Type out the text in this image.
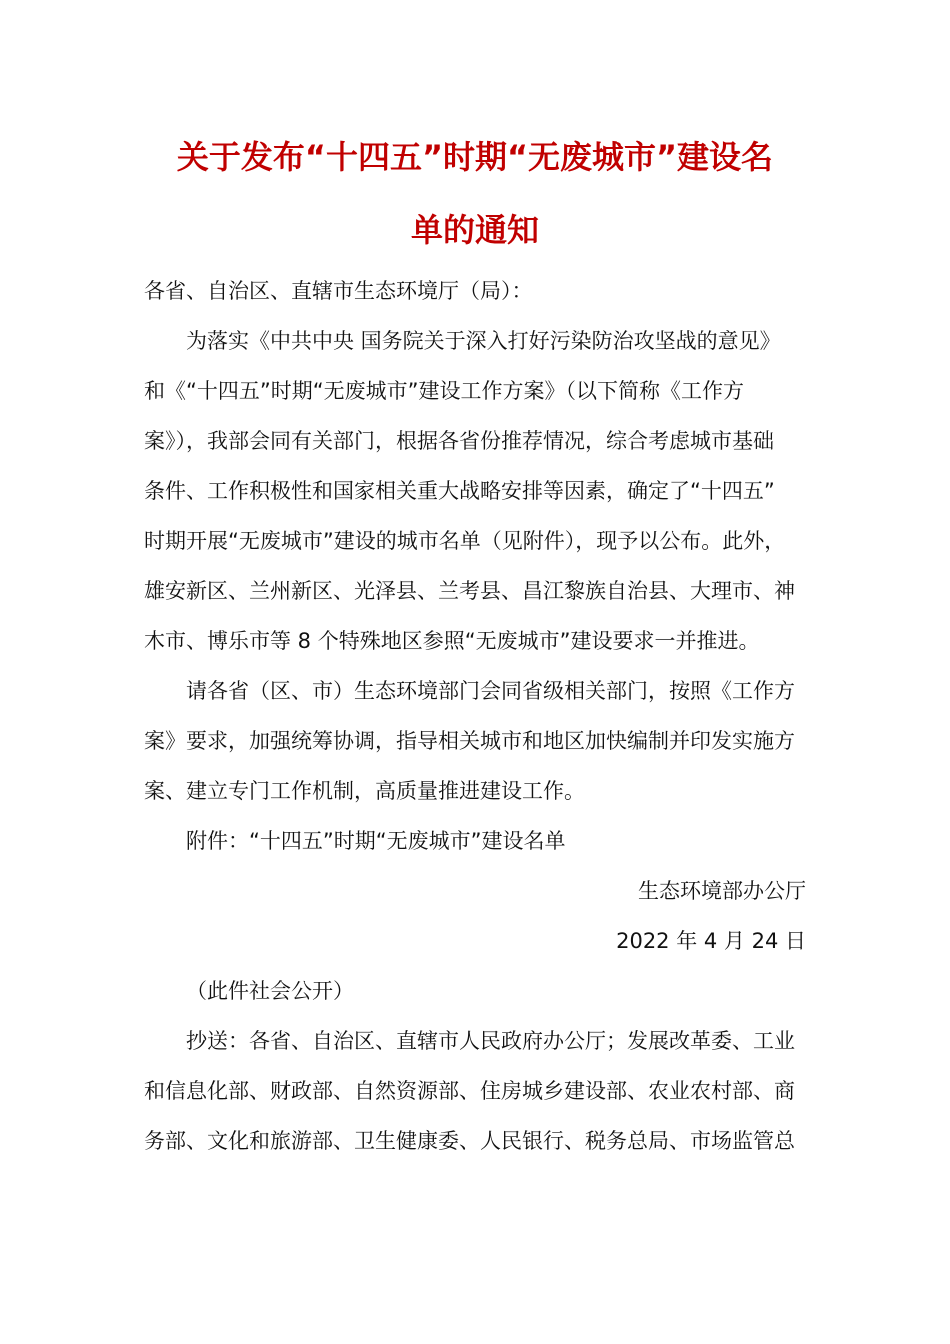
关于发布“十四五”时期“无废城市”建设名
单的通知
各省、自治区、直辖市生态环境厅（局）：
为落实《中共中央 国务院关于深入打好污染防治攻坚战的意见》
和《“十四五”时期“无废城市”建设工作方案》（以下简称《工作方
案》），我部会同有关部门，根据各省份推荐情况，综合考虑城市基础
条件、工作积极性和国家相关重大战略安排等因素，确定了“十四五”
时期开展“无废城市”建设的城市名单（见附件），现予以公布。此外，
雄安新区、兰州新区、光泽县、兰考县、昌江黎族自治县、大理市、神
木市、博乐市等 8 个特殊地区参照“无废城市”建设要求一并推进。
请各省（区、市）生态环境部门会同省级相关部门，按照《工作方
案》要求，加强统筹协调，指导相关城市和地区加快编制并印发实施方
案、建立专门工作机制，高质量推进建设工作。
附件：“十四五”时期“无废城市”建设名单
生态环境部办公厅
2022 年 4 月 24 日
（此件社会公开）
抄送：各省、自治区、直辖市人民政府办公厅；发展改革委、工业
和信息化部、财政部、自然资源部、住房城乡建设部、农业农村部、商
务部、文化和旅游部、卫生健康委、人民银行、税务总局、市场监管总
